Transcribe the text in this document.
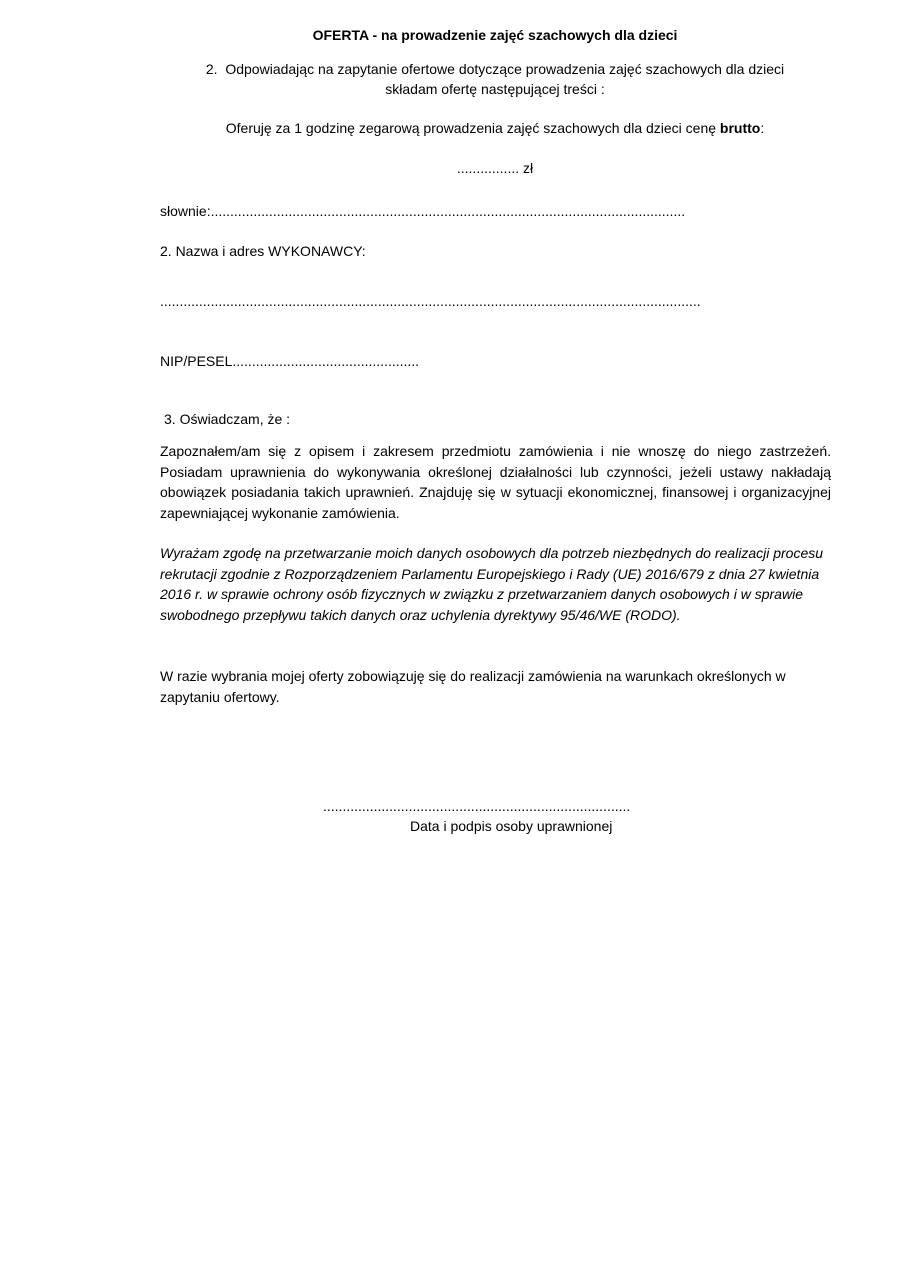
OFERTA - na prowadzenie zajęć szachowych dla dzieci
2. Odpowiadając na zapytanie ofertowe dotyczące prowadzenia zajęć szachowych dla dzieci
składam ofertę następującej treści :
Oferuję za 1 godzinę zegarową prowadzenia zajęć szachowych dla dzieci cenę brutto:
................ zł
słownie:..........................................................................................................................
2. Nazwa i adres WYKONAWCY:
...........................................................................................................................................
NIP/PESEL................................................
3. Oświadczam, że :
Zapoznałem/am się z opisem i zakresem przedmiotu zamówienia i nie wnoszę do niego zastrzeżeń. Posiadam uprawnienia do wykonywania określonej działalności lub czynności, jeżeli ustawy nakładają obowiązek posiadania takich uprawnień. Znajduję się w sytuacji ekonomicznej, finansowej i organizacyjnej zapewniającej wykonanie zamówienia.
Wyrażam zgodę na przetwarzanie moich danych osobowych dla potrzeb niezbędnych do realizacji procesu rekrutacji zgodnie z Rozporządzeniem Parlamentu Europejskiego i Rady (UE) 2016/679 z dnia 27 kwietnia 2016 r. w sprawie ochrony osób fizycznych w związku z przetwarzaniem danych osobowych i w sprawie swobodnego przepływu takich danych oraz uchylenia dyrektywy 95/46/WE (RODO).
W razie wybrania mojej oferty zobowiązuję się do realizacji zamówienia na warunkach określonych w zapytaniu ofertowy.
...............................................................................
Data i podpis osoby uprawnionej
